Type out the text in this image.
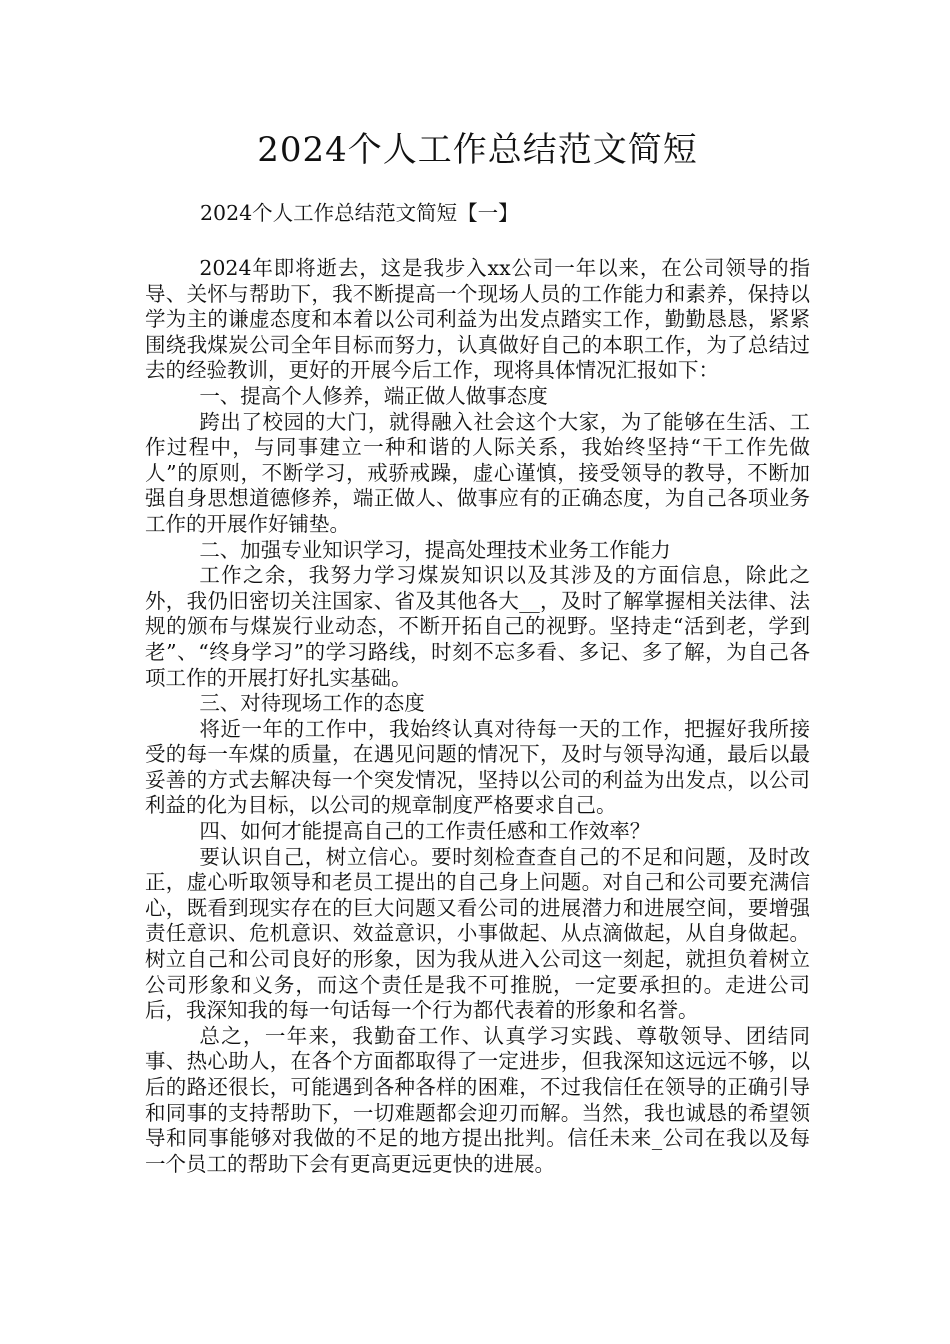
2024个人工作总结范文简短
2024个人工作总结范文简短【一】

2024年即将逝去，这是我步入xx公司一年以来，在公司领导的指导、关怀与帮助下，我不断提高一个现场人员的工作能力和素养，保持以学为主的谦虚态度和本着以公司利益为出发点踏实工作，勤勤恳恳，紧紧围绕我煤炭公司全年目标而努力，认真做好自己的本职工作，为了总结过去的经验教训，更好的开展今后工作，现将具体情况汇报如下：

一、提高个人修养，端正做人做事态度

跨出了校园的大门，就得融入社会这个大家，为了能够在生活、工作过程中，与同事建立一种和谐的人际关系，我始终坚持“干工作先做人”的原则，不断学习，戒骄戒躁，虚心谨慎，接受领导的教导，不断加强自身思想道德修养，端正做人、做事应有的正确态度，为自己各项业务工作的开展作好铺垫。

二、加强专业知识学习，提高处理技术业务工作能力

工作之余，我努力学习煤炭知识以及其涉及的方面信息，除此之外，我仍旧密切关注国家、省及其他各大__，及时了解掌握相关法律、法规的颁布与煤炭行业动态，不断开拓自己的视野。坚持走“活到老，学到老”、“终身学习”的学习路线，时刻不忘多看、多记、多了解，为自己各项工作的开展打好扎实基础。

三、对待现场工作的态度

将近一年的工作中，我始终认真对待每一天的工作，把握好我所接受的每一车煤的质量，在遇见问题的情况下，及时与领导沟通，最后以最妥善的方式去解决每一个突发情况，坚持以公司的利益为出发点，以公司利益的化为目标，以公司的规章制度严格要求自己。

四、如何才能提高自己的工作责任感和工作效率？

要认识自己，树立信心。要时刻检查查自己的不足和问题，及时改正，虚心听取领导和老员工提出的自己身上问题。对自己和公司要充满信心，既看到现实存在的巨大问题又看公司的进展潜力和进展空间，要增强责任意识、危机意识、效益意识，小事做起、从点滴做起，从自身做起。树立自己和公司良好的形象，因为我从进入公司这一刻起，就担负着树立公司形象和义务，而这个责任是我不可推脱，一定要承担的。走进公司后，我深知我的每一句话每一个行为都代表着的形象和名誉。

总之，一年来，我勤奋工作、认真学习实践、尊敬领导、团结同事、热心助人，在各个方面都取得了一定进步，但我深知这远远不够，以后的路还很长，可能遇到各种各样的困难，不过我信任在领导的正确引导和同事的支持帮助下，一切难题都会迎刃而解。当然，我也诚恳的希望领导和同事能够对我做的不足的地方提出批判。信任未来_公司在我以及每一个员工的帮助下会有更高更远更快的进展。
